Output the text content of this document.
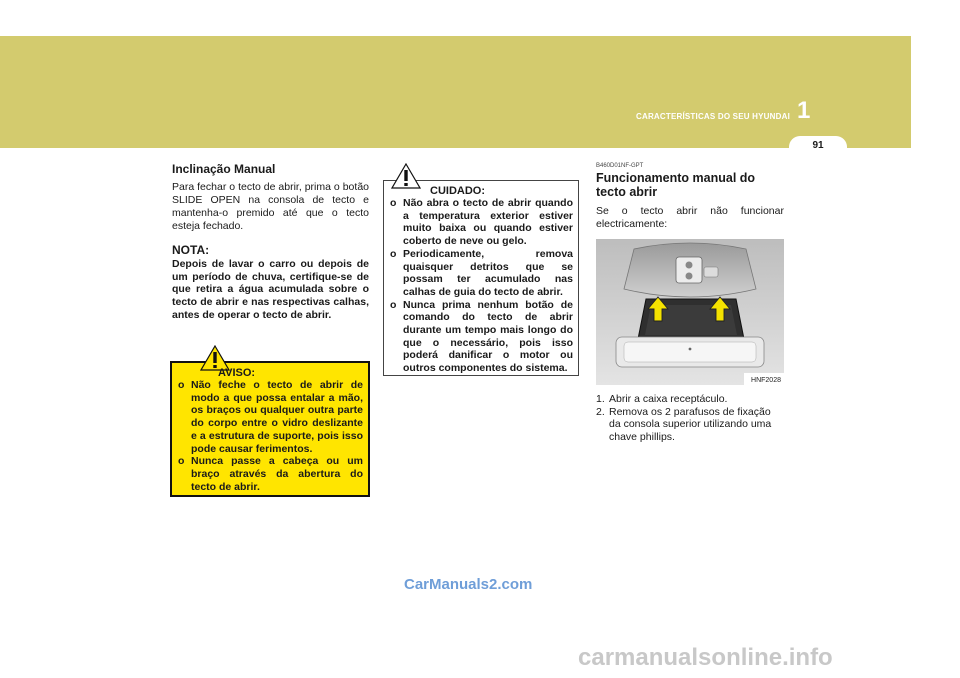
CARACTERÍSTICAS DO SEU HYUNDAI 1
91
Inclinação Manual

Para fechar o tecto de abrir, prima o botão SLIDE OPEN na consola de tecto e mantenha-o premido até que o tecto esteja fechado.

NOTA:

Depois de lavar o carro ou depois de um período de chuva, certifique-se de que retira a água acumulada sobre o tecto de abrir e nas respectivas calhas, antes de operar o tecto de abrir.

AVISO:
o Não feche o tecto de abrir de modo a que possa entalar a mão, os braços ou qualquer outra parte do corpo entre o vidro deslizante e a estrutura de suporte, pois isso pode causar ferimentos.
o Nunca passe a cabeça ou um braço através da abertura do tecto de abrir.
CUIDADO:
o Não abra o tecto de abrir quando a temperatura exterior estiver muito baixa ou quando estiver coberto de neve ou gelo.
o Periodicamente, remova quaisquer detritos que se possam ter acumulado nas calhas de guia do tecto de abrir.
o Nunca prima nenhum botão de comando do tecto de abrir durante um tempo mais longo do que o necessário, pois isso poderá danificar o motor ou outros componentes do sistema.
B460D01NF-GPT
Funcionamento manual do tecto abrir

Se o tecto abrir não funcionar electricamente:

HNF2028
1. Abrir a caixa receptáculo.
2. Remova os 2 parafusos de fixação da consola superior utilizando uma chave phillips.
CarManuals2.com
carmanualsonline.info
